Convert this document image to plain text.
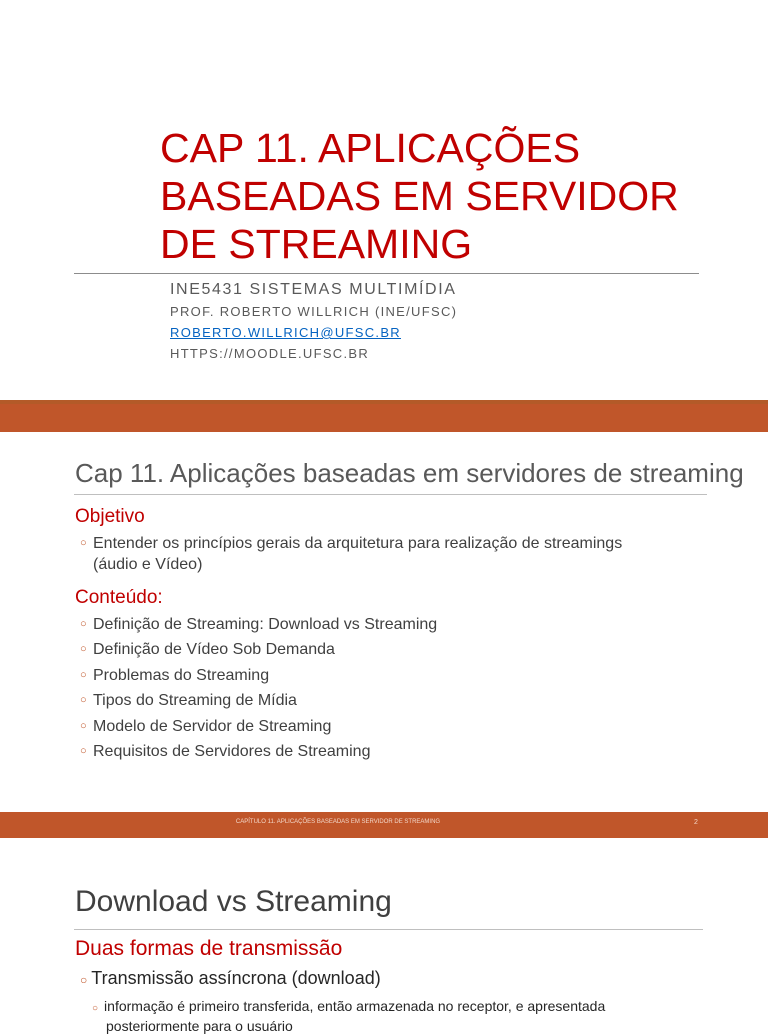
CAP 11. APLICAÇÕES
BASEADAS EM SERVIDOR
DE STREAMING
INE5431 SISTEMAS MULTIMÍDIA
PROF. ROBERTO WILLRICH (INE/UFSC)
ROBERTO.WILLRICH@UFSC.BR
HTTPS://MOODLE.UFSC.BR
Cap 11. Aplicações baseadas em servidores de streaming
Objetivo
○ Entender os princípios gerais da arquitetura para realização de streamings
(áudio e Vídeo)
Conteúdo:
○ Definição de Streaming: Download vs Streaming
○ Definição de Vídeo Sob Demanda
○ Problemas do Streaming
○ Tipos do Streaming de Mídia
○ Modelo de Servidor de Streaming
○ Requisitos de Servidores de Streaming
CAPÍTULO 11. APLICAÇÕES BASEADAS EM SERVIDOR DE STREAMING	2
Download vs Streaming
Duas formas de transmissão
○ Transmissão assíncrona (download)
○ informação é primeiro transferida, então armazenada no receptor, e apresentada
posteriormente para o usuário
